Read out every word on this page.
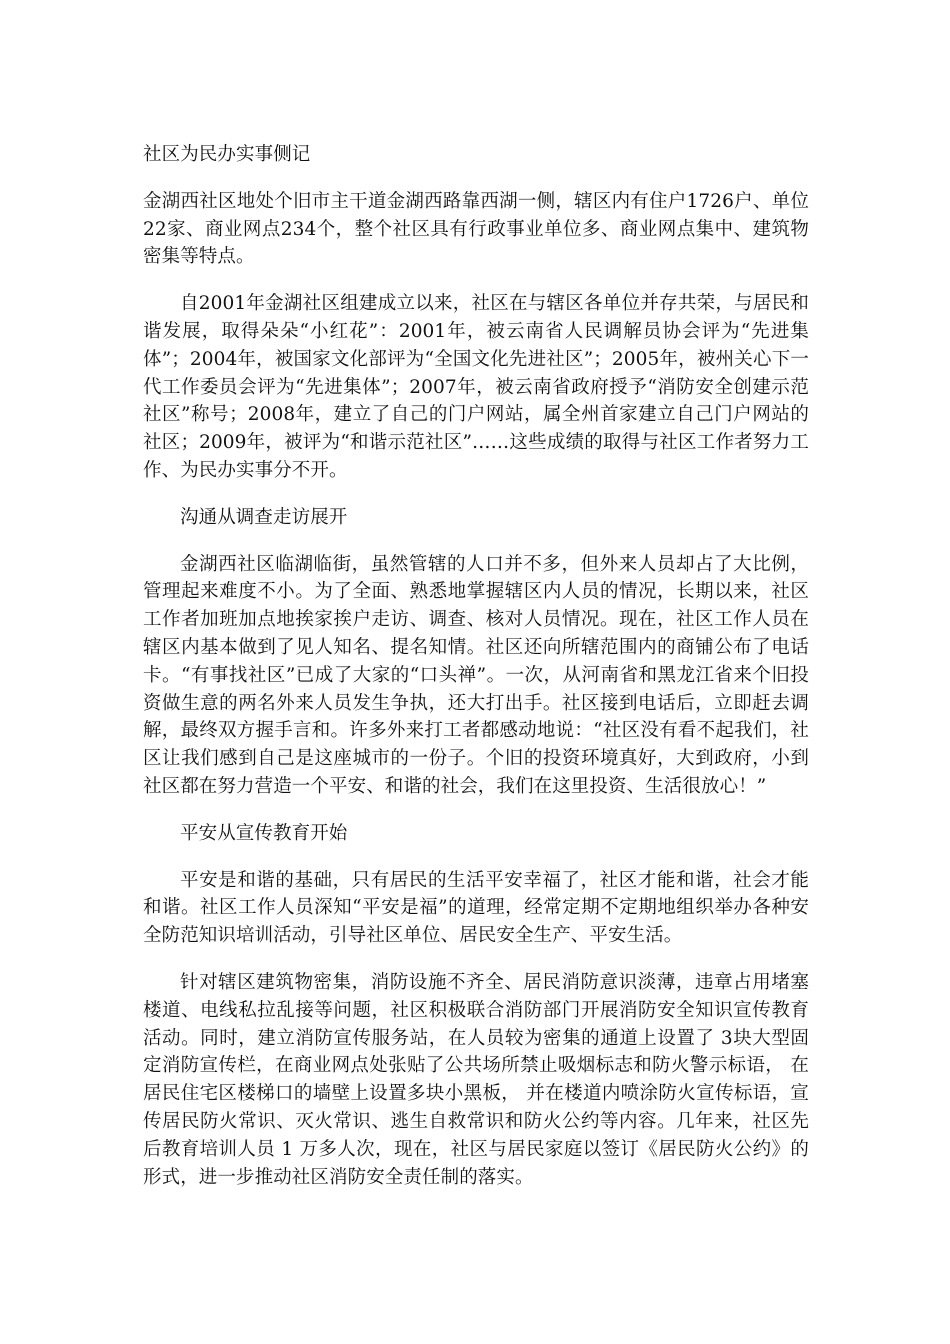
社区为民办实事侧记

金湖西社区地处个旧市主干道金湖西路靠西湖一侧，辖区内有住户1726户、单位22家、商业网点234个，整个社区具有行政事业单位多、商业网点集中、建筑物密集等特点。

自2001年金湖社区组建成立以来，社区在与辖区各单位并存共荣，与居民和谐发展，取得朵朵“小红花”：2001年，被云南省人民调解员协会评为“先进集体”；2004年，被国家文化部评为“全国文化先进社区”；2005年，被州关心下一代工作委员会评为“先进集体”；2007年，被云南省政府授予“消防安全创建示范社区”称号；2008年，建立了自己的门户网站，属全州首家建立自己门户网站的社区；2009年，被评为“和谐示范社区”……这些成绩的取得与社区工作者努力工作、为民办实事分不开。

沟通从调查走访展开

金湖西社区临湖临街，虽然管辖的人口并不多，但外来人员却占了大比例，管理起来难度不小。为了全面、熟悉地掌握辖区内人员的情况，长期以来，社区工作者加班加点地挨家挨户走访、调查、核对人员情况。现在，社区工作人员在辖区内基本做到了见人知名、提名知情。社区还向所辖范围内的商铺公布了电话卡。“有事找社区”已成了大家的“口头禅”。一次，从河南省和黑龙江省来个旧投资做生意的两名外来人员发生争执，还大打出手。社区接到电话后，立即赶去调解，最终双方握手言和。许多外来打工者都感动地说：“社区没有看不起我们，社区让我们感到自己是这座城市的一份子。个旧的投资环境真好，大到政府，小到社区都在努力营造一个平安、和谐的社会，我们在这里投资、生活很放心！”

平安从宣传教育开始

平安是和谐的基础，只有居民的生活平安幸福了，社区才能和谐，社会才能和谐。社区工作人员深知“平安是福”的道理，经常定期不定期地组织举办各种安全防范知识培训活动，引导社区单位、居民安全生产、平安生活。

针对辖区建筑物密集，消防设施不齐全、居民消防意识淡薄，违章占用堵塞楼道、电线私拉乱接等问题，社区积极联合消防部门开展消防安全知识宣传教育活动。同时，建立消防宣传服务站，在人员较为密集的通道上设置了 3块大型固定消防宣传栏，在商业网点处张贴了公共场所禁止吸烟标志和防火警示标语， 在居民住宅区楼梯口的墙壁上设置多块小黑板， 并在楼道内喷涂防火宣传标语，宣传居民防火常识、灭火常识、逃生自救常识和防火公约等内容。几年来，社区先后教育培训人员 1 万多人次，现在，社区与居民家庭以签订《居民防火公约》的形式，进一步推动社区消防安全责任制的落实。
